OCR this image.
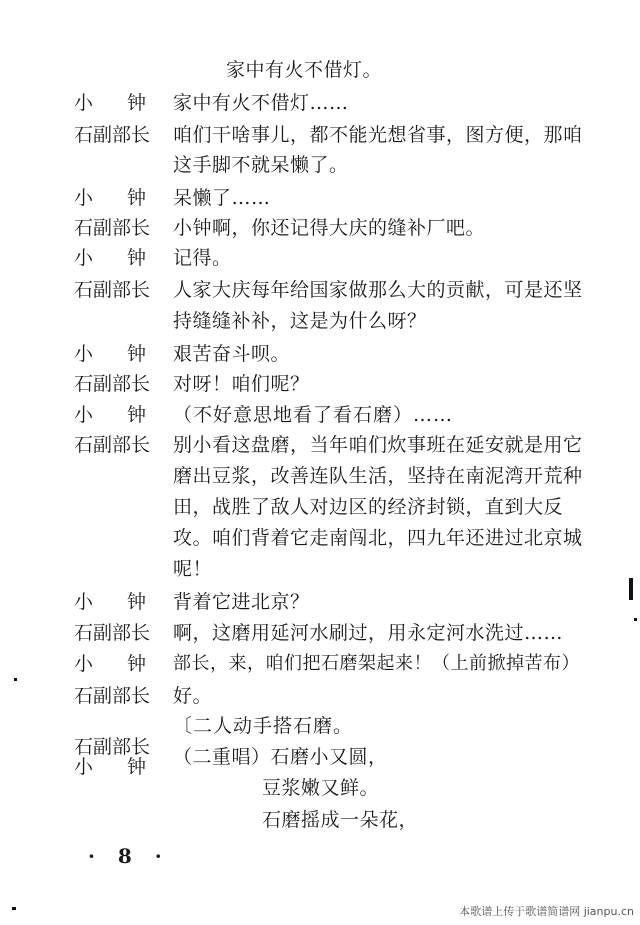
家中有火不借灯。
小 钟 家中有火不借灯……
石副部长 咱们干啥事儿，都不能光想省事，图方便，那咱
这手脚不就呆懒了。
小 钟 呆懒了……
石副部长 小钟啊，你还记得大庆的缝补厂吧。
小 钟 记得。
石副部长 人家大庆每年给国家做那么大的贡献，可是还坚
持缝缝补补，这是为什么呀？
小 钟 艰苦奋斗呗。
石副部长 对呀！咱们呢？
小 钟 （不好意思地看了看石磨）……
石副部长 别小看这盘磨，当年咱们炊事班在延安就是用它
磨出豆浆，改善连队生活，坚持在南泥湾开荒种
田，战胜了敌人对边区的经济封锁，直到大反
攻。咱们背着它走南闯北，四九年还进过北京城
呢！
小 钟 背着它进北京？
石副部长 啊，这磨用延河水刷过，用永定河水洗过……
小 钟 部长，来，咱们把石磨架起来！（上前掀掉苦布）
石副部长 好。
〔二人动手搭石磨。
石副部长
小 钟 （二重唱）石磨小又圆，
豆浆嫩又鲜。
石磨摇成一朵花，
· 8 ·
本歌谱上传于歌谱简谱网 jianpu.cn
